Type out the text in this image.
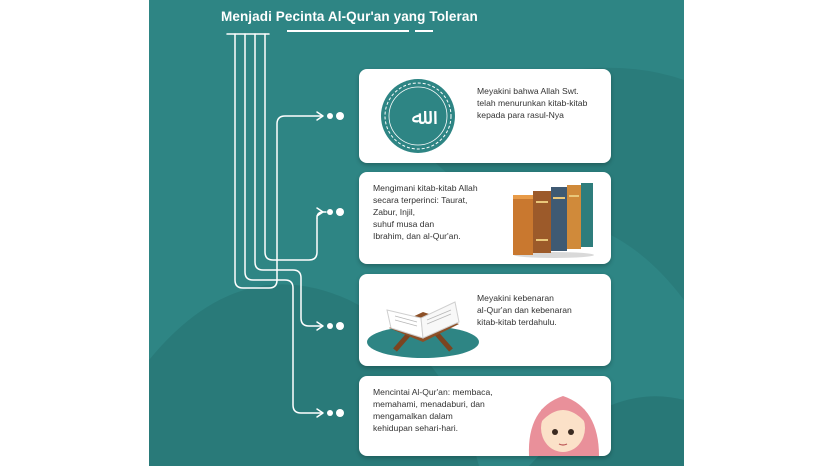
Menjadi Pecinta Al-Qur'an yang Toleran
ﷲ
Meyakini bahwa Allah Swt.
telah menurunkan kitab-kitab
kepada para rasul-Nya
Mengimani kitab-kitab Allah
secara terperinci: Taurat,
Zabur, Injil,
suhuf musa dan
Ibrahim, dan al-Qur'an.
Meyakini kebenaran
al-Qur'an dan kebenaran
kitab-kitab terdahulu.
Mencintai Al-Qur'an: membaca,
memahami, menadaburi, dan
mengamalkan dalam
kehidupan sehari-hari.
